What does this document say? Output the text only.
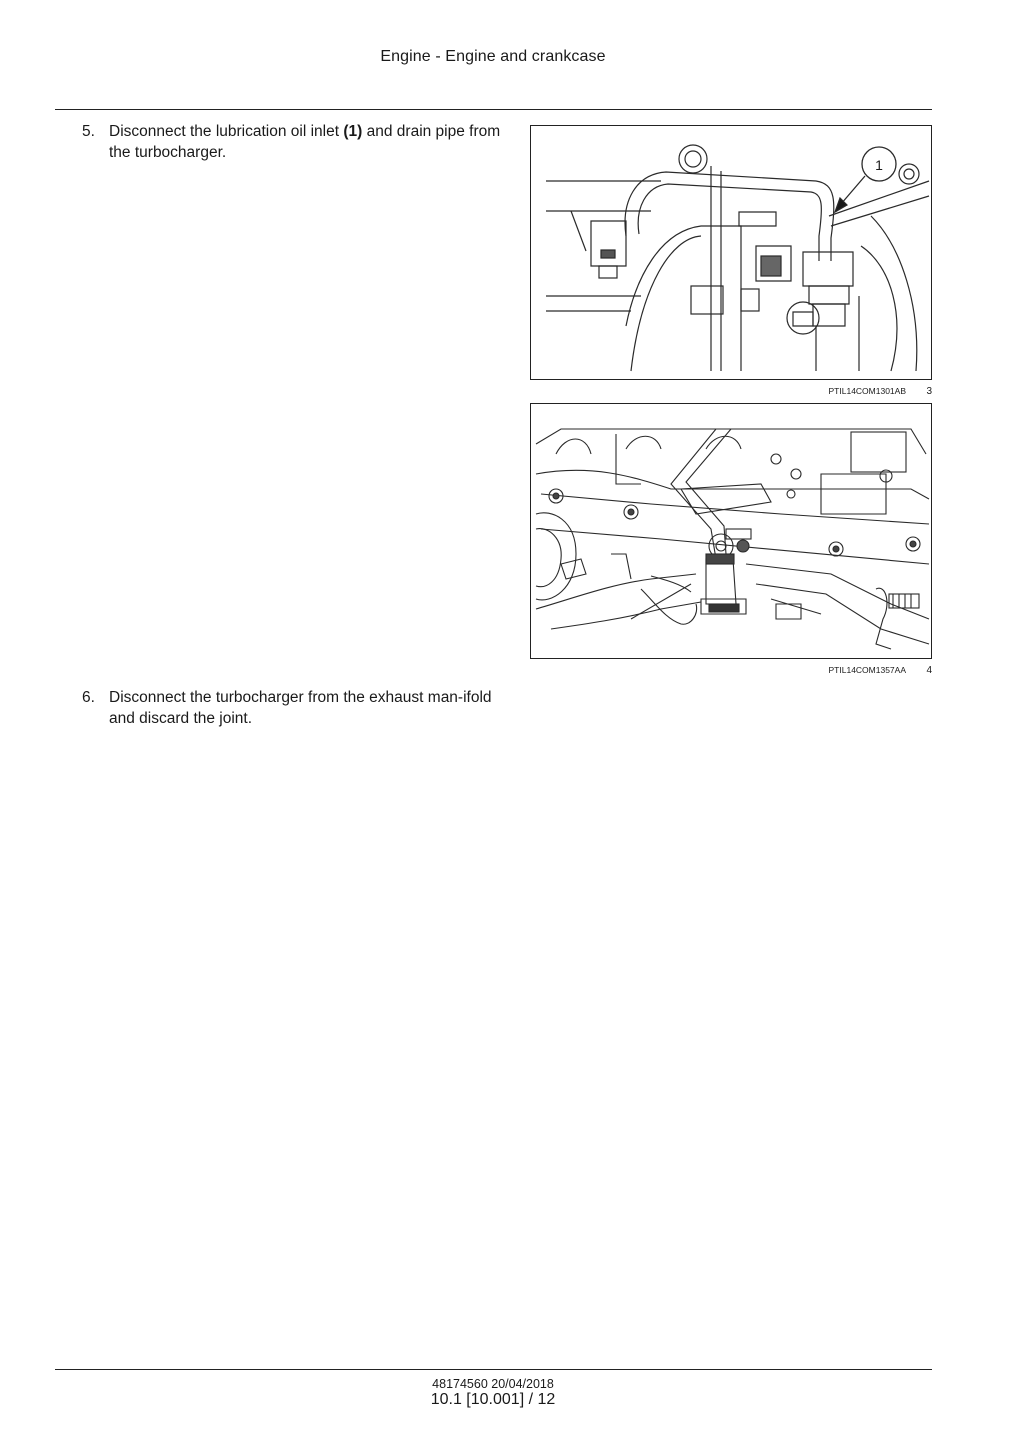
Engine - Engine and crankcase
5. Disconnect the lubrication oil inlet (1) and drain pipe from the turbocharger.
6. Disconnect the turbocharger from the exhaust man-ifold and discard the joint.
1
PTIL14COM1301AB 3
PTIL14COM1357AA 4
48174560 20/04/2018
10.1 [10.001] / 12
